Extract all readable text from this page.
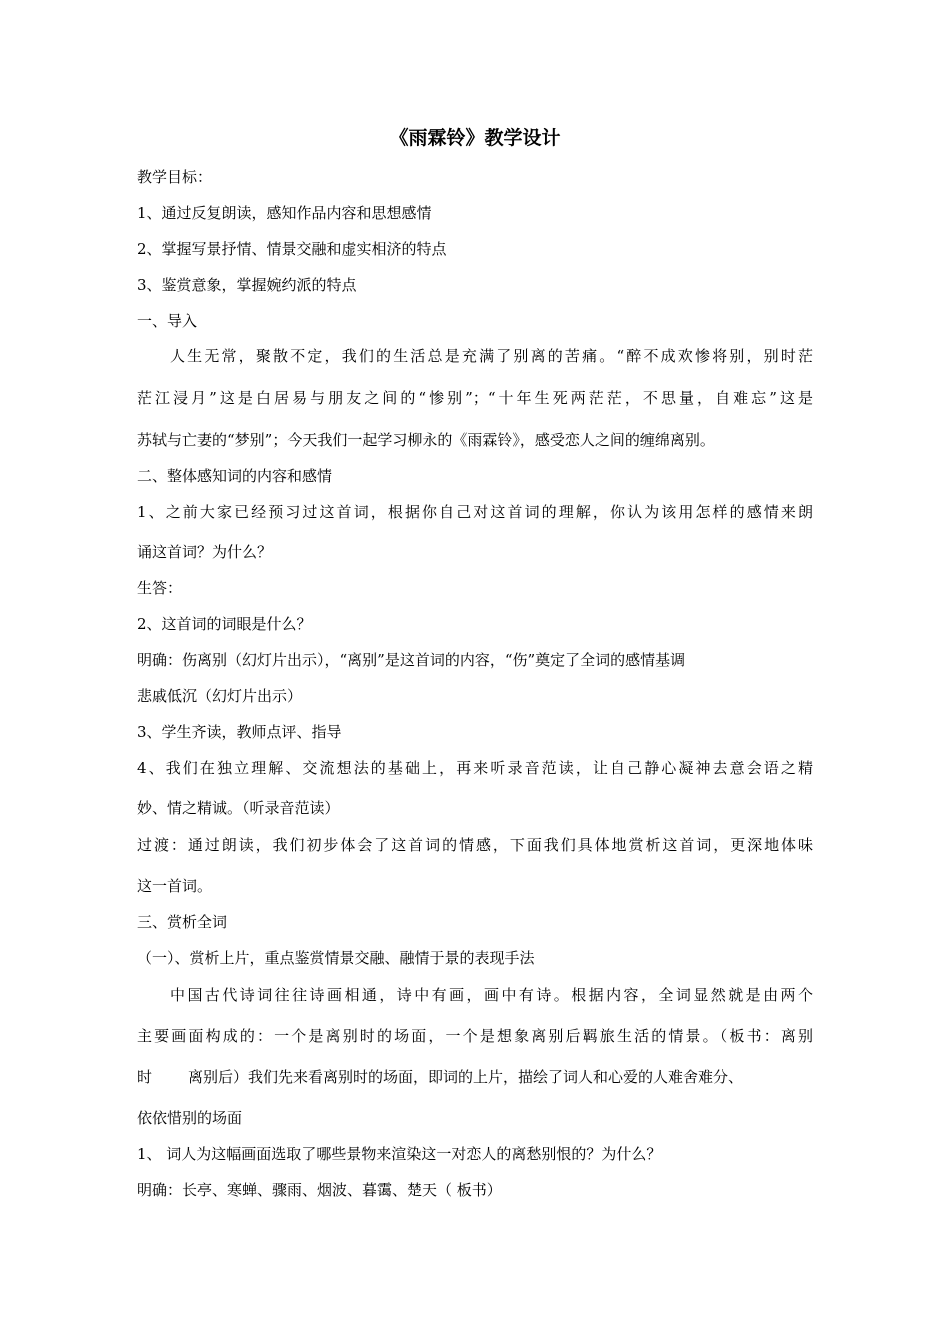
《雨霖铃》教学设计
教学目标：
1、通过反复朗读，感知作品内容和思想感情
2、掌握写景抒情、情景交融和虚实相济的特点
3、鉴赏意象，掌握婉约派的特点
一、导入
人生无常，聚散不定，我们的生活总是充满了别离的苦痛。“醉不成欢惨将别，别时茫
茫江浸月”这是白居易与朋友之间的“惨别”；“十年生死两茫茫，不思量，自难忘”这是
苏轼与亡妻的“梦别”；今天我们一起学习柳永的《雨霖铃》，感受恋人之间的缠绵离别。
二、整体感知词的内容和感情
1、之前大家已经预习过这首词，根据你自己对这首词的理解，你认为该用怎样的感情来朗
诵这首词？为什么？
生答：
2、这首词的词眼是什么？
明确：伤离别（幻灯片出示），“离别”是这首词的内容，“伤”奠定了全词的感情基调
悲戚低沉（幻灯片出示）
3、学生齐读，教师点评、指导
4、我们在独立理解、交流想法的基础上，再来听录音范读，让自己静心凝神去意会语之精
妙、情之精诚。（听录音范读）
过渡：通过朗读，我们初步体会了这首词的情感，下面我们具体地赏析这首词，更深地体味
这一首词。
三、赏析全词
（一）、赏析上片，重点鉴赏情景交融、融情于景的表现手法
中国古代诗词往往诗画相通，诗中有画，画中有诗。根据内容，全词显然就是由两个
主要画面构成的：一个是离别时的场面，一个是想象离别后羁旅生活的情景。（板书：离别
时 离别后）我们先来看离别时的场面，即词的上片，描绘了词人和心爱的人难舍难分、
依依惜别的场面
1、 词人为这幅画面选取了哪些景物来渲染这一对恋人的离愁别恨的？为什么？
明确：长亭、寒蝉、骤雨、烟波、暮霭、楚天（ 板书）
